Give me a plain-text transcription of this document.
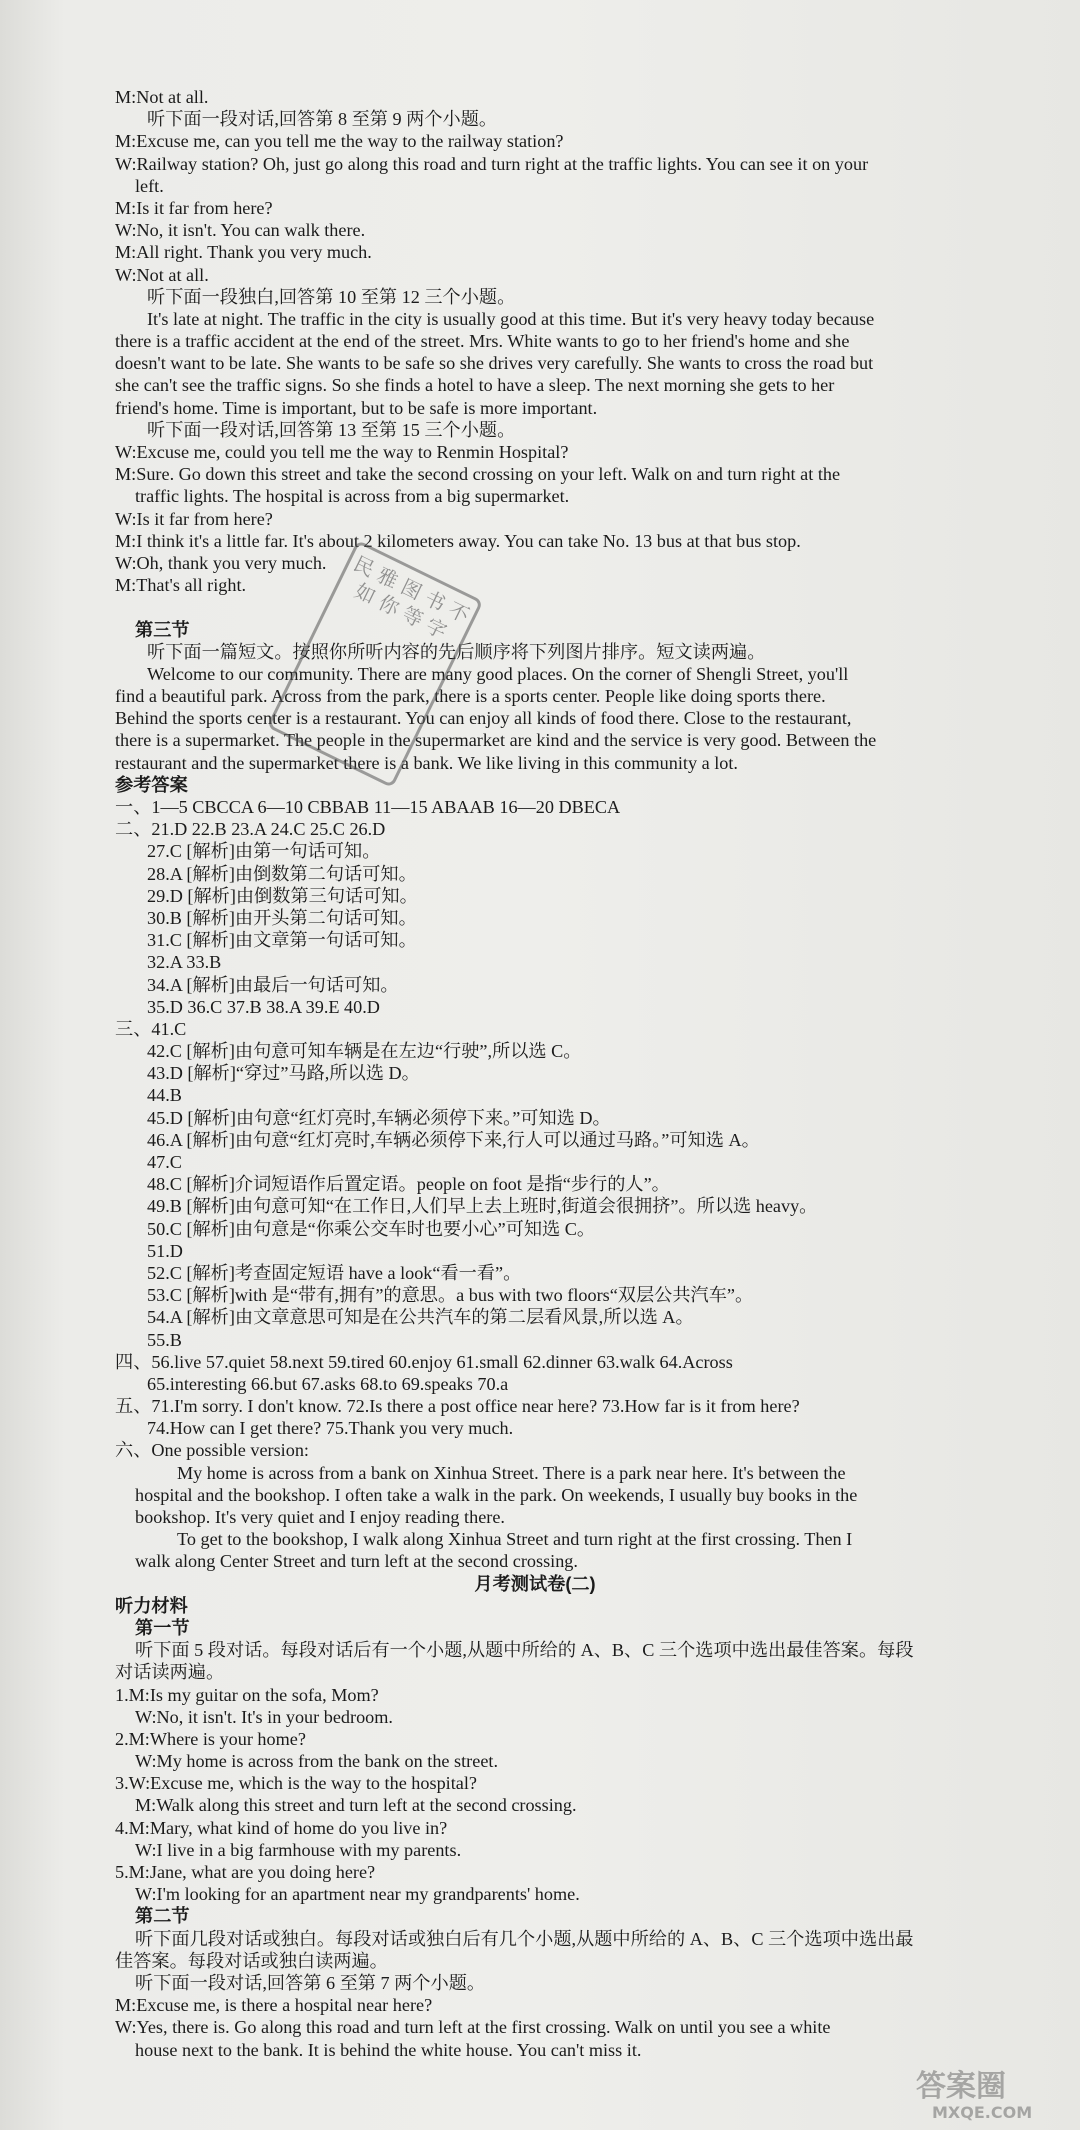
M:Not at all.
听下面一段对话,回答第 8 至第 9 两个小题。
M:Excuse me, can you tell me the way to the railway station?
W:Railway station? Oh, just go along this road and turn right at the traffic lights. You can see it on your
left.
M:Is it far from here?
W:No, it isn't. You can walk there.
M:All right. Thank you very much.
W:Not at all.
听下面一段独白,回答第 10 至第 12 三个小题。
It's late at night. The traffic in the city is usually good at this time. But it's very heavy today because
there is a traffic accident at the end of the street. Mrs. White wants to go to her friend's home and she
doesn't want to be late. She wants to be safe so she drives very carefully. She wants to cross the road but
she can't see the traffic signs. So she finds a hotel to have a sleep. The next morning she gets to her
friend's home. Time is important, but to be safe is more important.
听下面一段对话,回答第 13 至第 15 三个小题。
W:Excuse me, could you tell me the way to Renmin Hospital?
M:Sure. Go down this street and take the second crossing on your left. Walk on and turn right at the
traffic lights. The hospital is across from a big supermarket.
W:Is it far from here?
M:I think it's a little far. It's about 2 kilometers away. You can take No. 13 bus at that bus stop.
W:Oh, thank you very much.
M:That's all right.
第三节
听下面一篇短文。按照你所听内容的先后顺序将下列图片排序。短文读两遍。
Welcome to our community. There are many good places. On the corner of Shengli Street, you'll
find a beautiful park. Across from the park, there is a sports center. People like doing sports there.
Behind the sports center is a restaurant. You can enjoy all kinds of food there. Close to the restaurant,
there is a supermarket. The people in the supermarket are kind and the service is very good. Between the
restaurant and the supermarket there is a bank. We like living in this community a lot.
参考答案
一、1—5 CBCCA 6—10 CBBAB 11—15 ABAAB 16—20 DBECA
二、21.D 22.B 23.A 24.C 25.C 26.D
27.C [解析]由第一句话可知。
28.A [解析]由倒数第二句话可知。
29.D [解析]由倒数第三句话可知。
30.B [解析]由开头第二句话可知。
31.C [解析]由文章第一句话可知。
32.A 33.B
34.A [解析]由最后一句话可知。
35.D 36.C 37.B 38.A 39.E 40.D
三、41.C
42.C [解析]由句意可知车辆是在左边“行驶”,所以选 C。
43.D [解析]“穿过”马路,所以选 D。
44.B
45.D [解析]由句意“红灯亮时,车辆必须停下来。”可知选 D。
46.A [解析]由句意“红灯亮时,车辆必须停下来,行人可以通过马路。”可知选 A。
47.C
48.C [解析]介词短语作后置定语。people on foot 是指“步行的人”。
49.B [解析]由句意可知“在工作日,人们早上去上班时,街道会很拥挤”。所以选 heavy。
50.C [解析]由句意是“你乘公交车时也要小心”可知选 C。
51.D
52.C [解析]考查固定短语 have a look“看一看”。
53.C [解析]with 是“带有,拥有”的意思。a bus with two floors“双层公共汽车”。
54.A [解析]由文章意思可知是在公共汽车的第二层看风景,所以选 A。
55.B
四、56.live 57.quiet 58.next 59.tired 60.enjoy 61.small 62.dinner 63.walk 64.Across
65.interesting 66.but 67.asks 68.to 69.speaks 70.a
五、71.I'm sorry. I don't know. 72.Is there a post office near here? 73.How far is it from here?
74.How can I get there? 75.Thank you very much.
六、One possible version:
My home is across from a bank on Xinhua Street. There is a park near here. It's between the
hospital and the bookshop. I often take a walk in the park. On weekends, I usually buy books in the
bookshop. It's very quiet and I enjoy reading there.
To get to the bookshop, I walk along Xinhua Street and turn right at the first crossing. Then I
walk along Center Street and turn left at the second crossing.
月考测试卷(二)
听力材料
第一节
听下面 5 段对话。每段对话后有一个小题,从题中所给的 A、B、C 三个选项中选出最佳答案。每段
对话读两遍。
1.M:Is my guitar on the sofa, Mom?
W:No, it isn't. It's in your bedroom.
2.M:Where is your home?
W:My home is across from the bank on the street.
3.W:Excuse me, which is the way to the hospital?
M:Walk along this street and turn left at the second crossing.
4.M:Mary, what kind of home do you live in?
W:I live in a big farmhouse with my parents.
5.M:Jane, what are you doing here?
W:I'm looking for an apartment near my grandparents' home.
第二节
听下面几段对话或独白。每段对话或独白后有几个小题,从题中所给的 A、B、C 三个选项中选出最
佳答案。每段对话或独白读两遍。
听下面一段对话,回答第 6 至第 7 两个小题。
M:Excuse me, is there a hospital near here?
W:Yes, there is. Go along this road and turn left at the first crossing. Walk on until you see a white
house next to the bank. It is behind the white house. You can't miss it.
民 雅 图 书 不 如 你 等 字
答案圈
MXQE.COM
